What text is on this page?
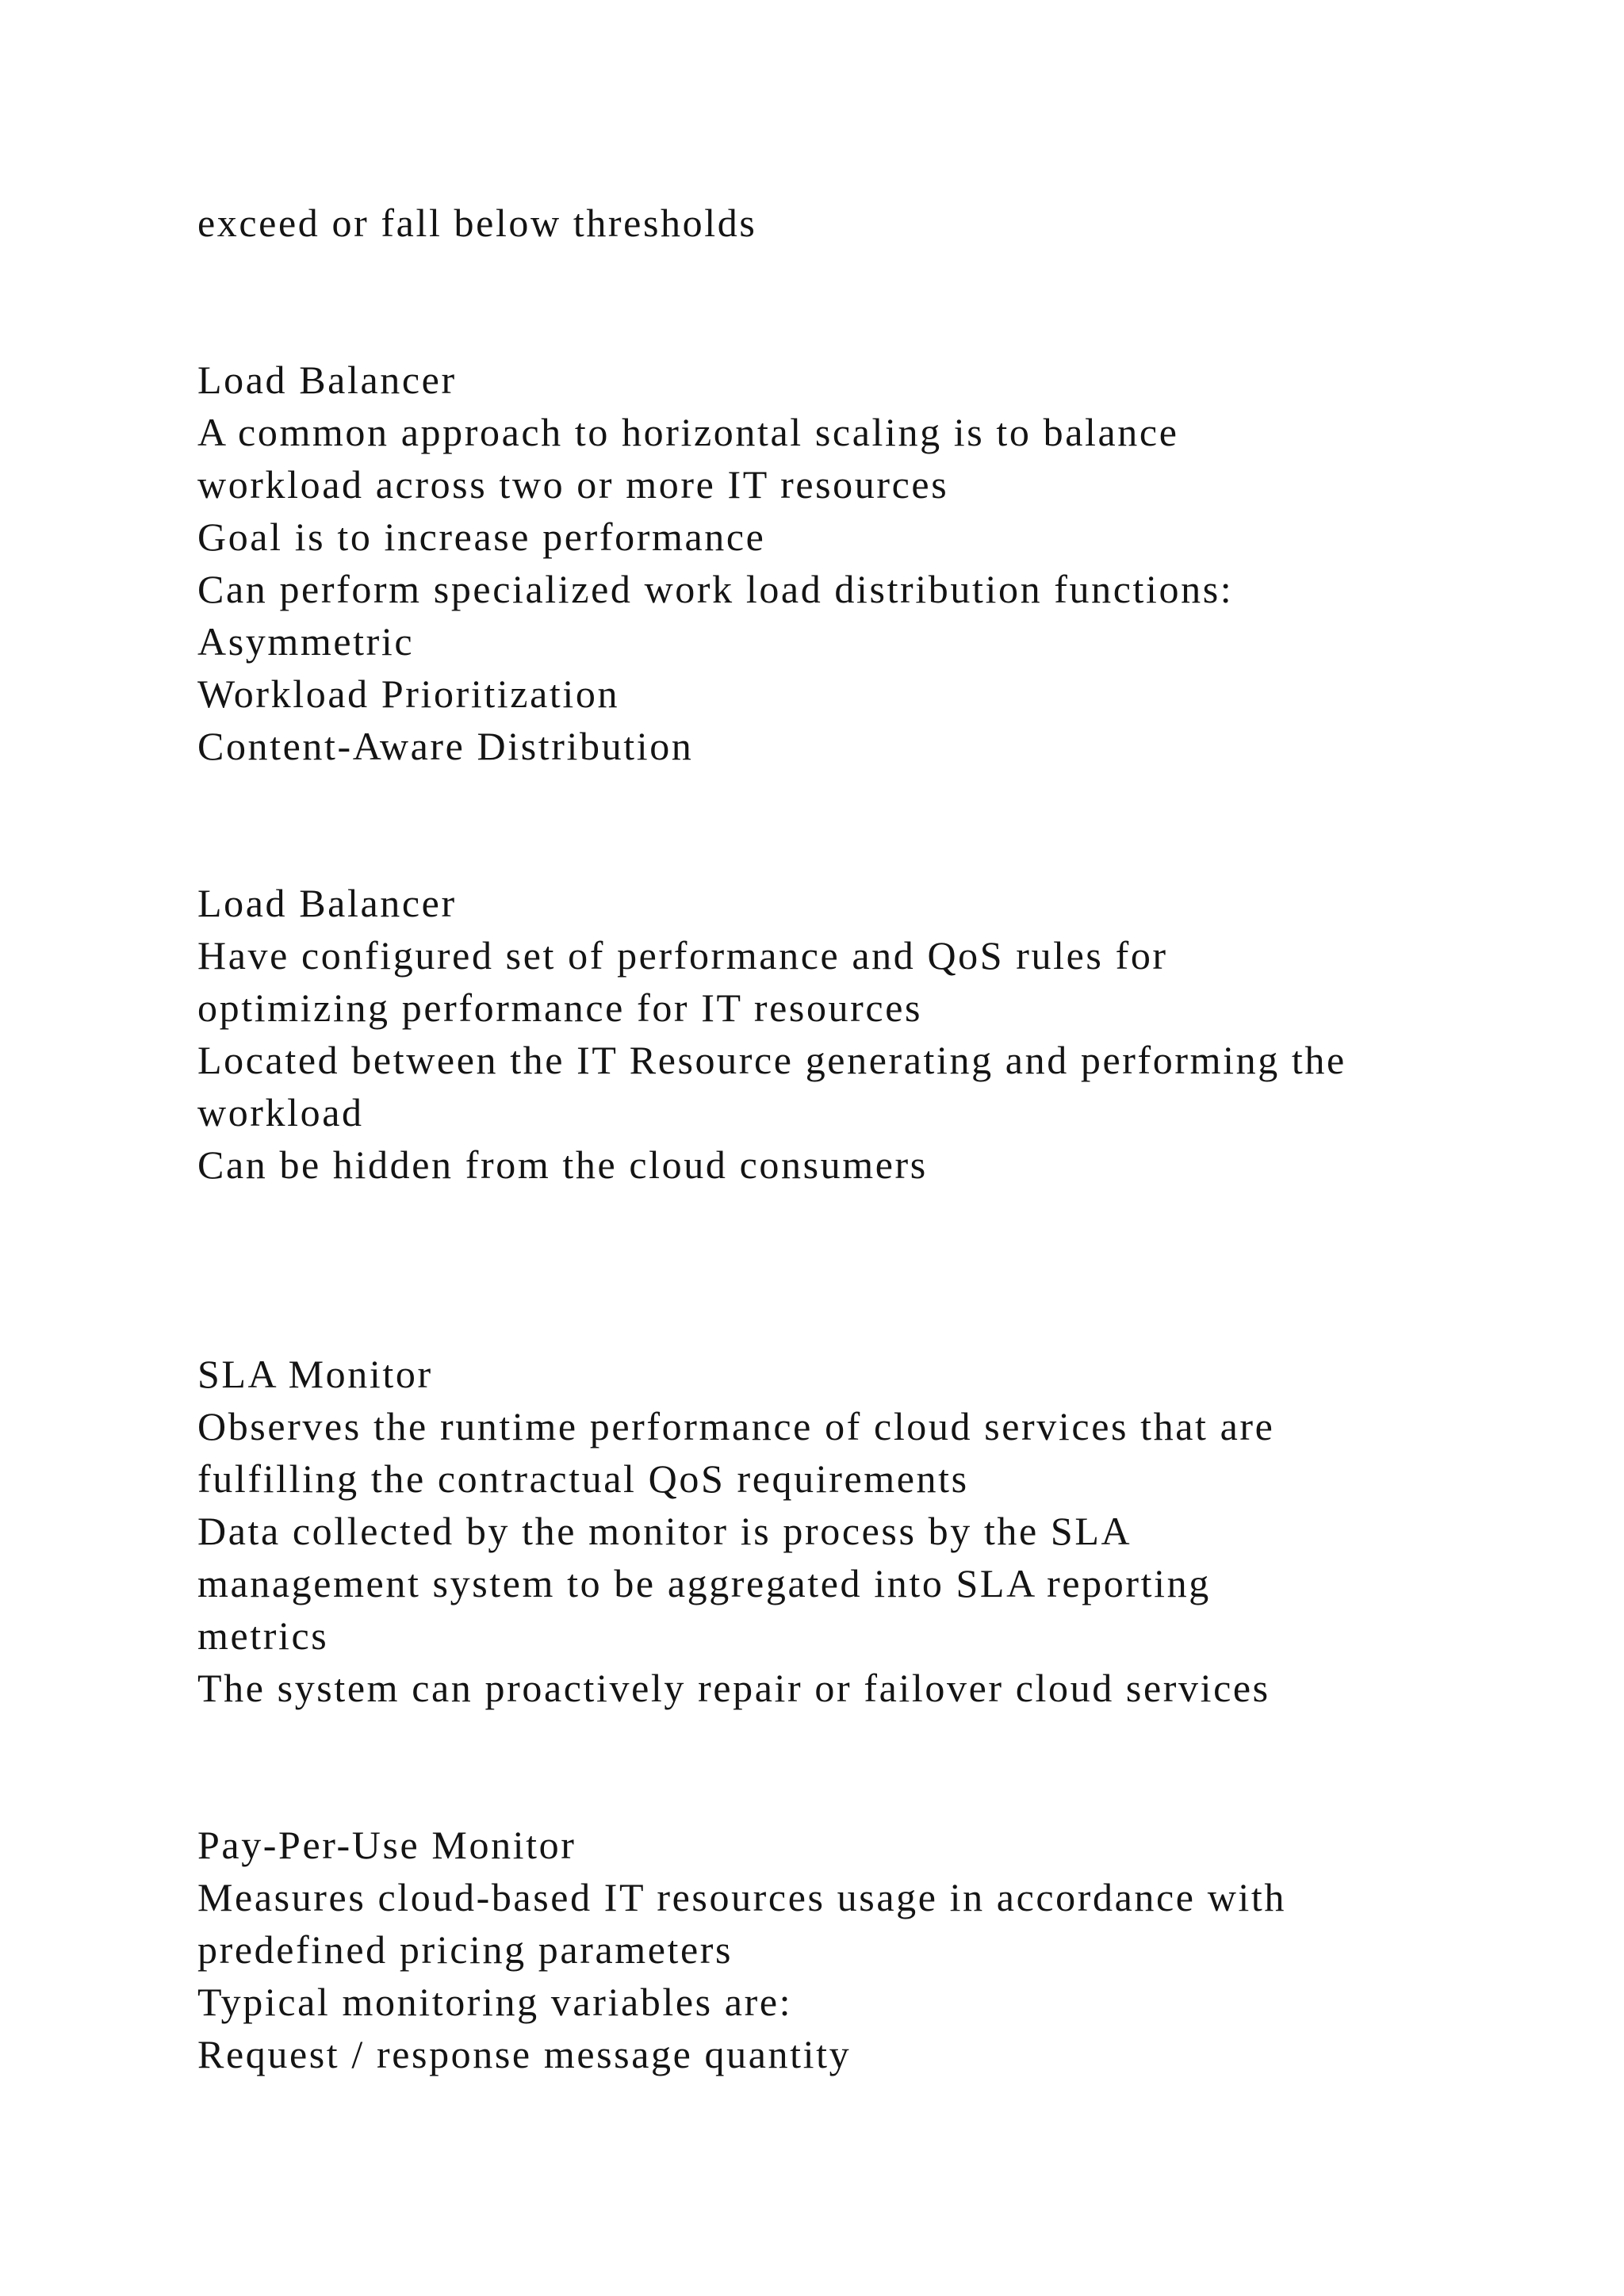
exceed or fall below thresholds

Load Balancer

A common approach to horizontal scaling is to balance

workload across two or more IT resources

Goal is to increase performance

Can perform specialized work load distribution functions:

Asymmetric

Workload Prioritization

Content-Aware Distribution

Load Balancer

Have configured set of performance and QoS rules for

optimizing performance for IT resources

Located between the IT Resource generating and performing the

workload

Can be hidden from the cloud consumers

SLA Monitor

Observes the runtime performance of cloud services that are

fulfilling the contractual QoS requirements

Data collected by the monitor is process by the SLA

management system to be aggregated into SLA reporting

metrics

The system can proactively repair or failover cloud services

Pay-Per-Use Monitor

Measures cloud-based IT resources usage in accordance with

predefined pricing parameters

Typical monitoring variables are:

Request / response message quantity
